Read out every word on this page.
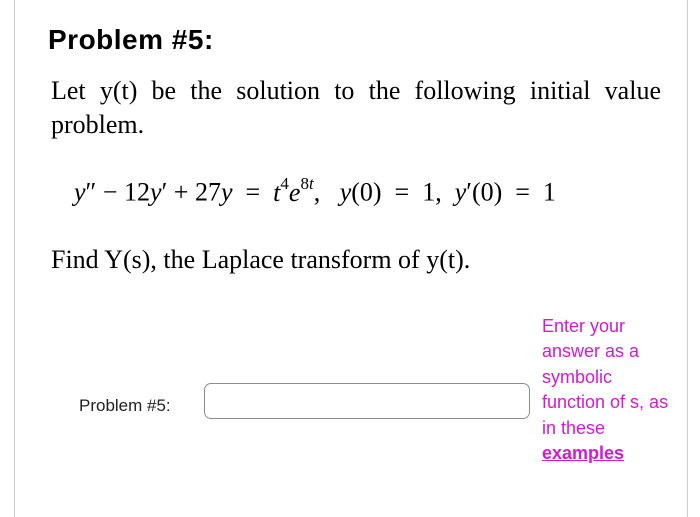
Problem #5:
Let y(t) be the solution to the following initial value problem.
$y'' - 12y' + 27y = t^4e^{8t}$,   y(0)  =  1,  y′(0)  =  1
Find Y(s), the Laplace transform of y(t).
Problem #5:
Enter your answer as a symbolic function of s, as in these examples
